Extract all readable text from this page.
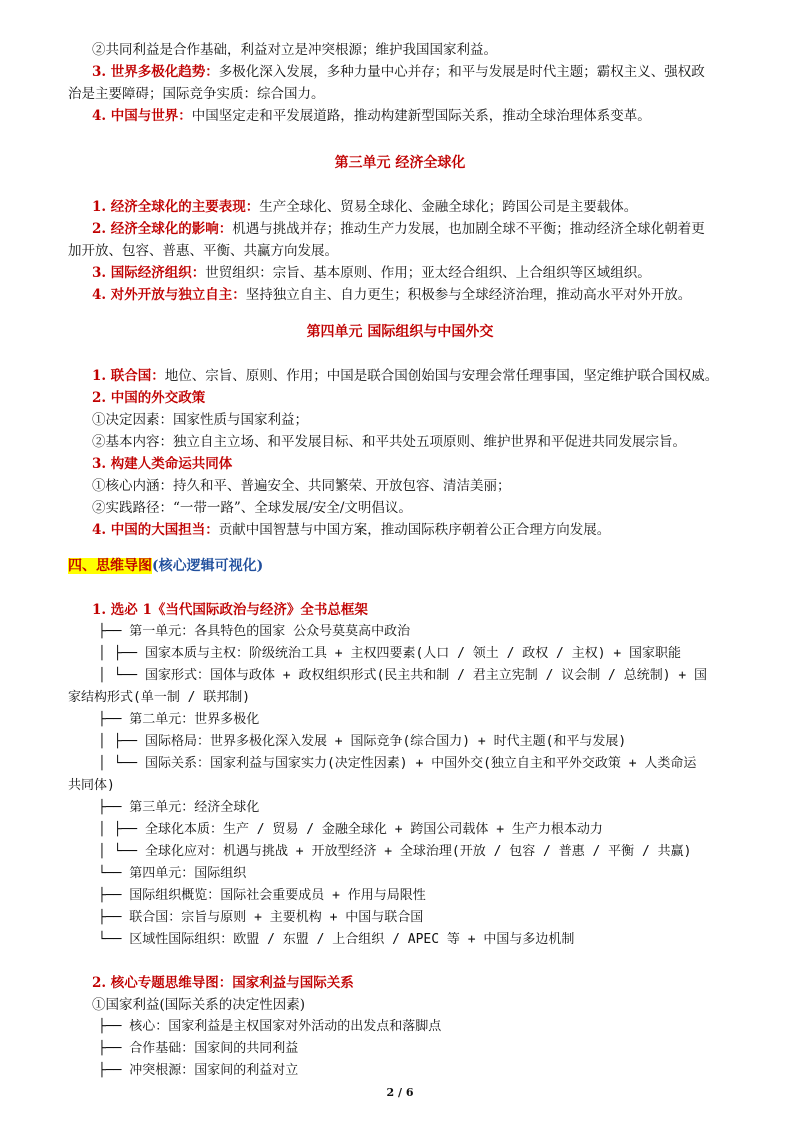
②共同利益是合作基础，利益对立是冲突根源；维护我国国家利益。
3. 世界多极化趋势：多极化深入发展，多种力量中心并存；和平与发展是时代主题；霸权主义、强权政
治是主要障碍；国际竞争实质：综合国力。
4. 中国与世界：中国坚定走和平发展道路，推动构建新型国际关系，推动全球治理体系变革。
第三单元 经济全球化
1. 经济全球化的主要表现：生产全球化、贸易全球化、金融全球化；跨国公司是主要载体。
2. 经济全球化的影响：机遇与挑战并存；推动生产力发展，也加剧全球不平衡；推动经济全球化朝着更
加开放、包容、普惠、平衡、共赢方向发展。
3. 国际经济组织：世贸组织：宗旨、基本原则、作用；亚太经合组织、上合组织等区域组织。
4. 对外开放与独立自主：坚持独立自主、自力更生；积极参与全球经济治理，推动高水平对外开放。
第四单元 国际组织与中国外交
1. 联合国：地位、宗旨、原则、作用；中国是联合国创始国与安理会常任理事国，坚定维护联合国权威。
2. 中国的外交政策
①决定因素：国家性质与国家利益；
②基本内容：独立自主立场、和平发展目标、和平共处五项原则、维护世界和平促进共同发展宗旨。
3. 构建人类命运共同体
①核心内涵：持久和平、普遍安全、共同繁荣、开放包容、清洁美丽；
②实践路径：“一带一路”、全球发展/安全/文明倡议。
4. 中国的大国担当：贡献中国智慧与中国方案，推动国际秩序朝着公正合理方向发展。
四、思维导图(核心逻辑可视化)
1. 选必 1《当代国际政治与经济》全书总框架
├── 第一单元：各具特色的国家 公众号莫莫高中政治
│ ├── 国家本质与主权：阶级统治工具 + 主权四要素(人口 / 领土 / 政权 / 主权) + 国家职能
│ └── 国家形式：国体与政体 + 政权组织形式(民主共和制 / 君主立宪制 / 议会制 / 总统制) + 国
家结构形式(单一制 / 联邦制)
├── 第二单元：世界多极化
│ ├── 国际格局：世界多极化深入发展 + 国际竞争(综合国力) + 时代主题(和平与发展)
│ └── 国际关系：国家利益与国家实力(决定性因素) + 中国外交(独立自主和平外交政策 + 人类命运
共同体)
├── 第三单元：经济全球化
│ ├── 全球化本质：生产 / 贸易 / 金融全球化 + 跨国公司载体 + 生产力根本动力
│ └── 全球化应对：机遇与挑战 + 开放型经济 + 全球治理(开放 / 包容 / 普惠 / 平衡 / 共赢)
└── 第四单元：国际组织
├── 国际组织概览：国际社会重要成员 + 作用与局限性
├── 联合国：宗旨与原则 + 主要机构 + 中国与联合国
└── 区域性国际组织：欧盟 / 东盟 / 上合组织 / APEC 等 + 中国与多边机制
2. 核心专题思维导图：国家利益与国际关系
①国家利益(国际关系的决定性因素)
├── 核心：国家利益是主权国家对外活动的出发点和落脚点
├── 合作基础：国家间的共同利益
├── 冲突根源：国家间的利益对立
2 / 6
